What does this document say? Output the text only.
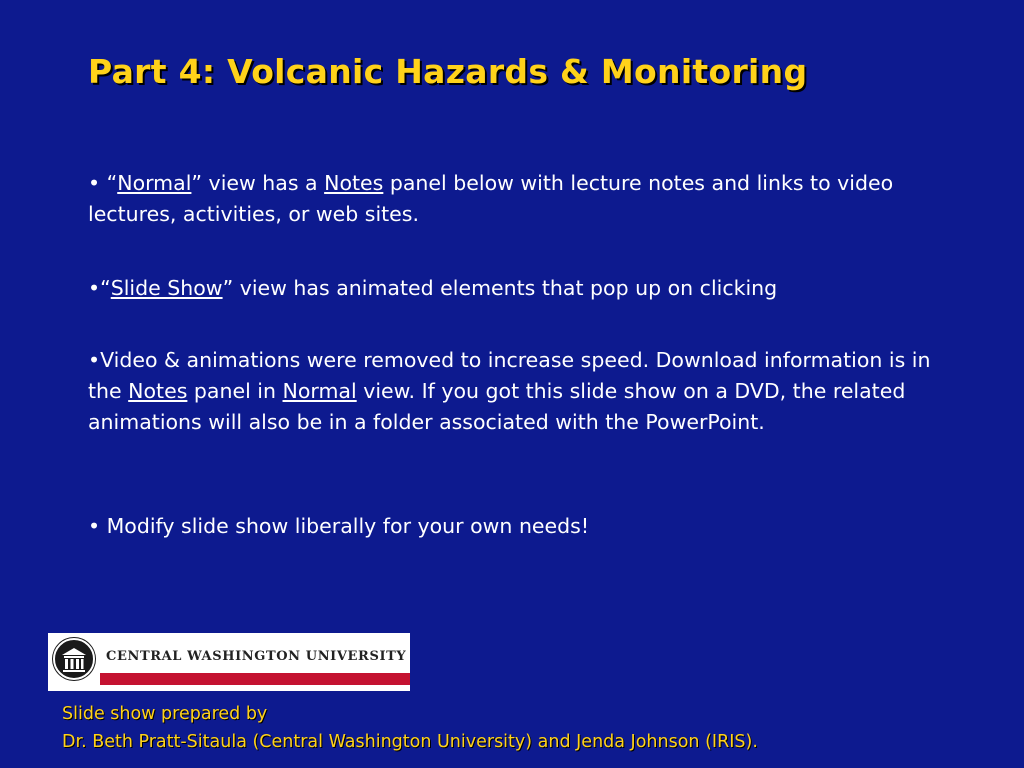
Part 4: Volcanic Hazards & Monitoring

• “Normal” view has a Notes panel below with lecture notes and links to video lectures, activities, or web sites.

•“Slide Show” view has animated elements that pop up on clicking

•Video & animations were removed to increase speed. Download information is in the Notes panel in Normal view. If you got this slide show on a DVD, the related animations will also be in a folder associated with the PowerPoint.

• Modify slide show liberally for your own needs!

CENTRAL WASHINGTON UNIVERSITY
Slide show prepared by
Dr. Beth Pratt-Sitaula (Central Washington University) and Jenda Johnson (IRIS).
